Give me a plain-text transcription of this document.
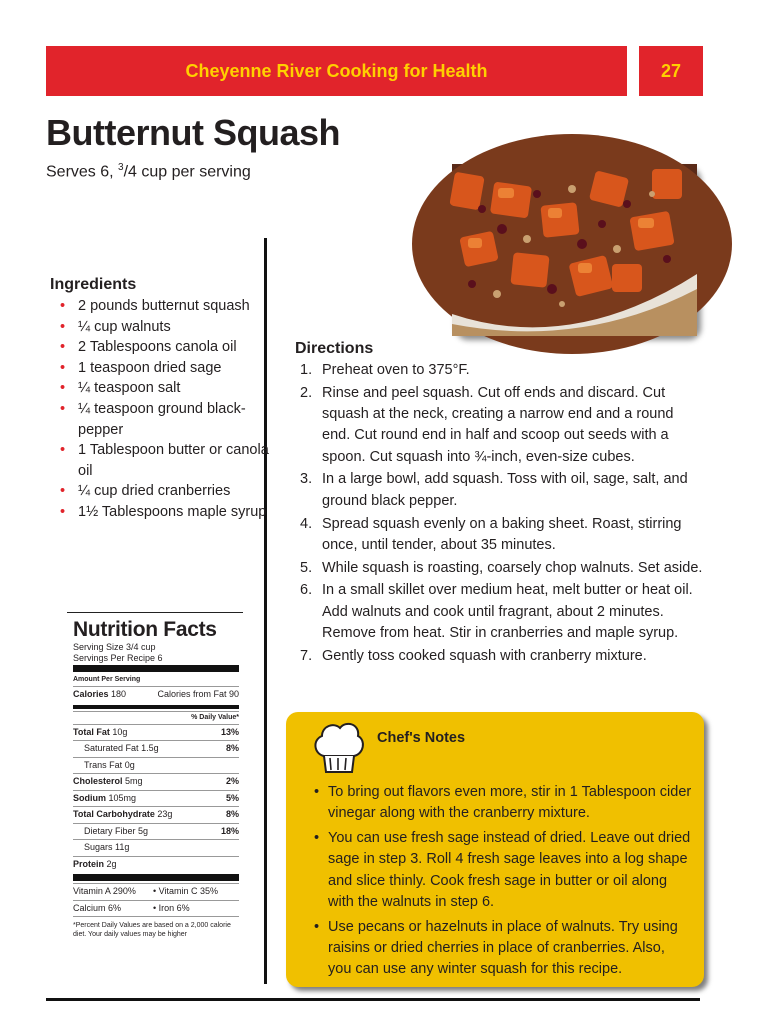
Cheyenne River Cooking for Health	27
Butternut Squash
Serves 6, $^3$/4 cup per serving
Ingredients
• 2 pounds butternut squash
• ¼ cup walnuts
• 2 Tablespoons canola oil
• 1 teaspoon dried sage
• ¼ teaspoon salt
• ¼ teaspoon ground black-pepper
• 1 Tablespoon butter or canola oil
• ¼ cup dried cranberries
• 1½ Tablespoons maple syrup
Directions
1. Preheat oven to 375°F.
2. Rinse and peel squash. Cut off ends and discard. Cut squash at the neck, creating a narrow end and a round end. Cut round end in half and scoop out seeds with a spoon. Cut squash into ¾-inch, even-size cubes.
3. In a large bowl, add squash. Toss with oil, sage, salt, and ground black pepper.
4. Spread squash evenly on a baking sheet. Roast, stirring once, until tender, about 35 minutes.
5. While squash is roasting, coarsely chop walnuts. Set aside.
6. In a small skillet over medium heat, melt butter or heat oil. Add walnuts and cook until fragrant, about 2 minutes. Remove from heat. Stir in cranberries and maple syrup.
7. Gently toss cooked squash with cranberry mixture.
Nutrition Facts
Serving Size 3/4 cup
Servings Per Recipe 6
Amount Per Serving
Calories 180	Calories from Fat 90
% Daily Value*
Total Fat 10g	13%
Saturated Fat 1.5g	8%
Trans Fat 0g
Cholesterol 5mg	2%
Sodium 105mg	5%
Total Carbohydrate 23g	8%
Dietary Fiber 5g	18%
Sugars 11g
Protein 2g
Vitamin A 290%	• Vitamin C 35%
Calcium 6%	• Iron 6%
*Percent Daily Values are based on a 2,000 calorie diet. Your daily values may be higher
Chef's Notes
• To bring out flavors even more, stir in 1 Tablespoon cider vinegar along with the cranberry mixture.
• You can use fresh sage instead of dried. Leave out dried sage in step 3. Roll 4 fresh sage leaves into a log shape and slice thinly. Cook fresh sage in butter or oil along with the walnuts in step 6.
• Use pecans or hazelnuts in place of walnuts. Try using raisins or dried cherries in place of cranberries. Also, you can use any winter squash for this recipe.
